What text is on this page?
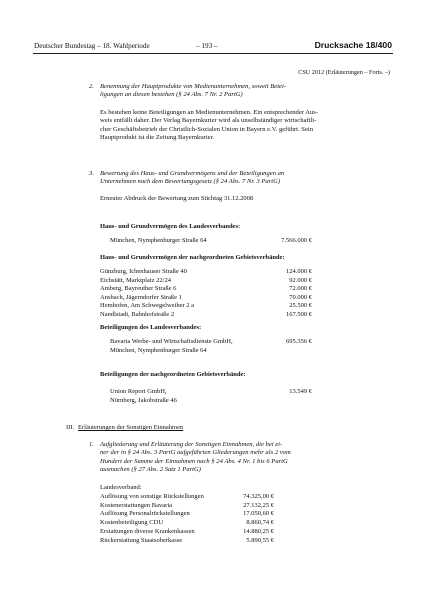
Deutscher Bundestag – 18. Wahlperiode	– 193 –	Drucksache 18/400
CSU 2012 (Erläuterungen – Forts. –)
2. Benennung der Hauptprodukte von Medienunternehmen, soweit Betei-
ligungen an diesen bestehen (§ 24 Abs. 7 Nr. 2 PartG)
Es bestehen keine Beteiligungen an Medienunternehmen. Ein entsprechender Aus-
weis entfällt daher. Der Verlag Bayernkurier wird als unselbständiger wirtschaftli-
cher Geschäftsbetrieb der Christlich-Sozialen Union in Bayern e.V. geführt. Sein
Hauptprodukt ist die Zeitung Bayernkurier.
3. Bewertung des Haus- und Grundvermögens und der Beteiligungen an
Unternehmen nach dem Bewertungsgesetz (§ 24 Abs. 7 Nr. 3 PartG)
Erneuter Abdruck der Bewertung zum Stichtag 31.12.2008
Haus- und Grundvermögen des Landesverbandes:
München, Nymphenburger Straße 64	7.566.000 €
Haus- und Grundvermögen der nachgeordneten Gebietsverbände:
Günzburg, Ichenhauser Straße 40	124.000 €
Eichstätt, Marktplatz 22/24	92.000 €
Amberg, Bayreuther Straße 6	72.000 €
Ansbach, Jägerndorfer Straße 1	70.000 €
Hemhofen, Am Schwegelweiher 2 a	25.500 €
Nandlstadt, Bahnhofstraße 2	167.500 €
Beteiligungen des Landesverbandes:
Bavaria Werbe- und Wirtschaftsdienste GmbH,
München, Nymphenburger Straße 64
695.356 €
Beteiligungen der nachgeordneten Gebietsverbände:
Union Report GmbH,
Nürnberg, Jakobstraße 46
13.549 €
III. Erläuterungen der Sonstigen Einnahmen
1. Aufgliederung und Erläuterung der Sonstigen Einnahmen, die bei ei-
ner der in § 24 Abs. 3 PartG aufgeführten Gliederungen mehr als 2 vom
Hundert der Summe der Einnahmen nach § 24 Abs. 4 Nr. 1 bis 6 PartG
ausmachen (§ 27 Abs. 2 Satz 1 PartG)
Landesverband:
Auflösung von sonstige Rückstellungen	74.325,00 €
Kostenerstattungen Bavaria	27.132,25 €
Auflösung Personalrückstellungen	17.050,60 €
Kostenbeteiligung CDU	8.860,74 €
Erstattungen diverse Krankenkassen	14.880,25 €
Rückerstattung Staatsoberkasse	5.890,55 €
